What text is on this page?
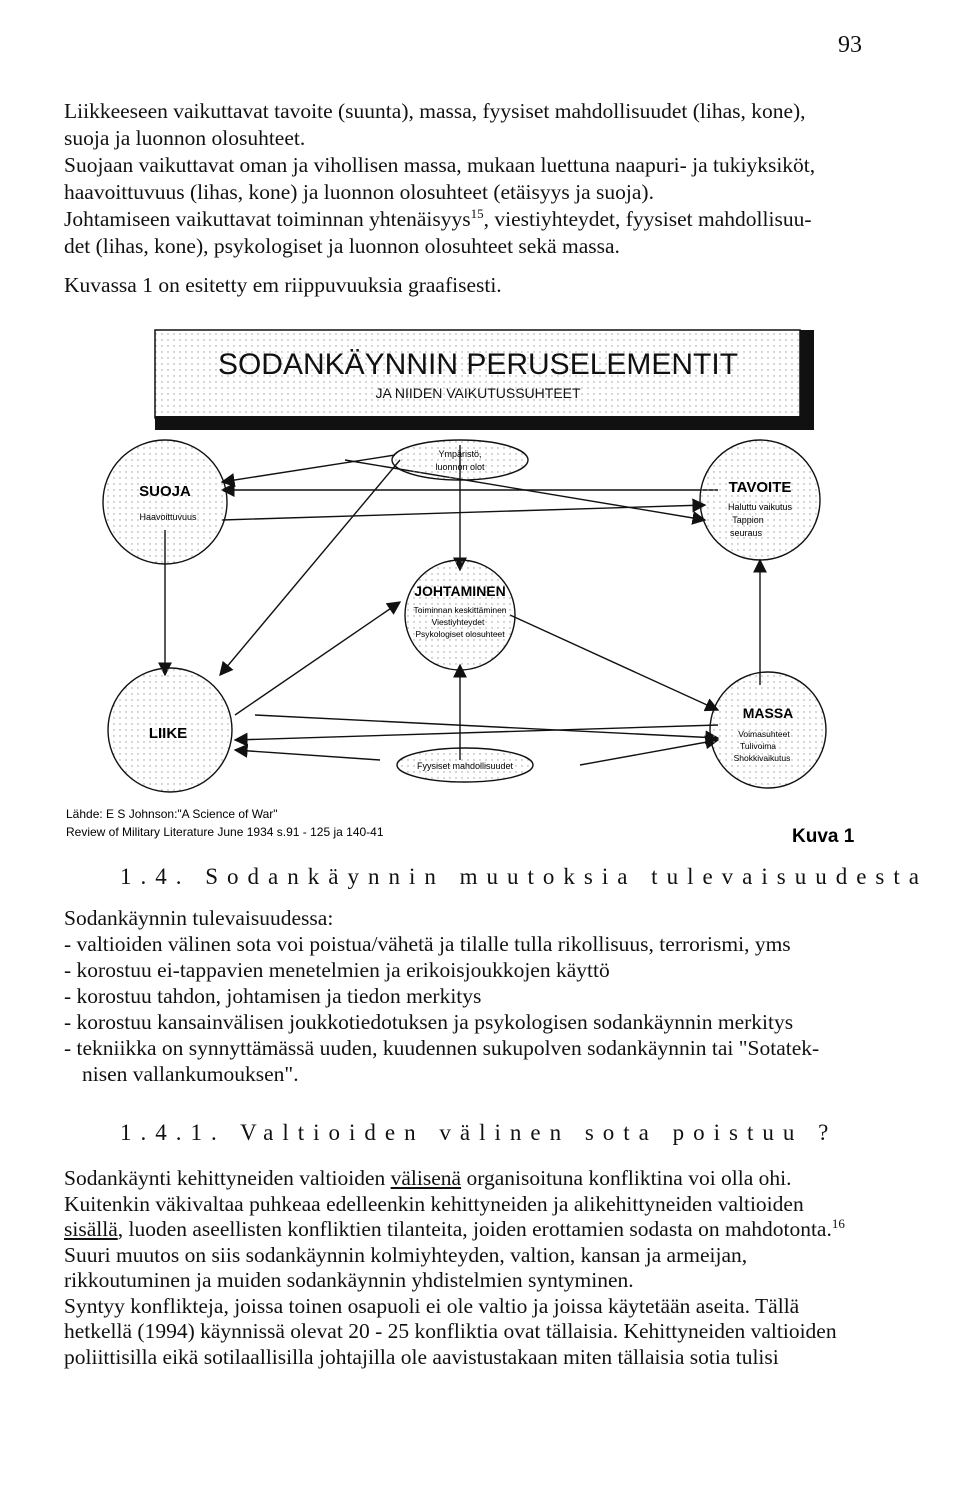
93

Liikkeeseen vaikuttavat tavoite (suunta), massa, fyysiset mahdollisuudet (lihas, kone),
suoja ja luonnon olosuhteet.
Suojaan vaikuttavat oman ja vihollisen massa, mukaan luettuna naapuri- ja tukiyksiköt,
haavoittuvuus (lihas, kone) ja luonnon olosuhteet (etäisyys ja suoja).
Johtamiseen vaikuttavat toiminnan yhtenäisyys$^{15}$, viestiyhteydet, fyysiset mahdollisuu-
det (lihas, kone), psykologiset ja luonnon olosuhteet sekä massa.
Kuvassa 1 on esitetty em riippuvuuksia graafisesti.

SODANKÄYNNIN PERUSELEMENTIT
JA NIIDEN VAIKUTUSSUHTEET
SUOJA
Haavoittuvuus
TAVOITE
Haluttu vaikutus
Tappion
seuraus
Ympäristö,
luonnon olot
JOHTAMINEN
Toiminnan keskittäminen
Viestiyhteydet
Psykologiset olosuhteet
LIIKE
MASSA
Voimasuhteet
Tulivoima
Shokkivaikutus
Fyysiset mahdollisuudet
Lähde: E S Johnson:"A Science of War"
Review of Military Literature June 1934 s.91 - 125 ja 140-41	Kuva 1
1.4. Sodankäynnin muutoksia tulevaisuudesta

Sodankäynnin tulevaisuudessa:
- valtioiden välinen sota voi poistua/vähetä ja tilalle tulla rikollisuus, terrorismi, yms
- korostuu ei-tappavien menetelmien ja erikoisjoukkojen käyttö
- korostuu tahdon, johtamisen ja tiedon merkitys
- korostuu kansainvälisen joukkotiedotuksen ja psykologisen sodankäynnin merkitys
- tekniikka on synnyttämässä uuden, kuudennen sukupolven sodankäynnin tai "Sotatek-
nisen vallankumouksen".

1.4.1. Valtioiden välinen sota poistuu ?

Sodankäynti kehittyneiden valtioiden välisenä organisoituna konfliktina voi olla ohi.
Kuitenkin väkivaltaa puhkeaa edelleenkin kehittyneiden ja alikehittyneiden valtioiden
sisällä, luoden aseellisten konfliktien tilanteita, joiden erottamien sodasta on mahdotonta.$^{16}$
Suuri muutos on siis sodankäynnin kolmiyhteyden, valtion, kansan ja armeijan,
rikkoutuminen ja muiden sodankäynnin yhdistelmien syntyminen.
Syntyy konflikteja, joissa toinen osapuoli ei ole valtio ja joissa käytetään aseita. Tällä
hetkellä (1994) käynnissä olevat 20 - 25 konfliktia ovat tällaisia. Kehittyneiden valtioiden
poliittisilla eikä sotilaallisilla johtajilla ole aavistustakaan miten tällaisia sotia tulisi
